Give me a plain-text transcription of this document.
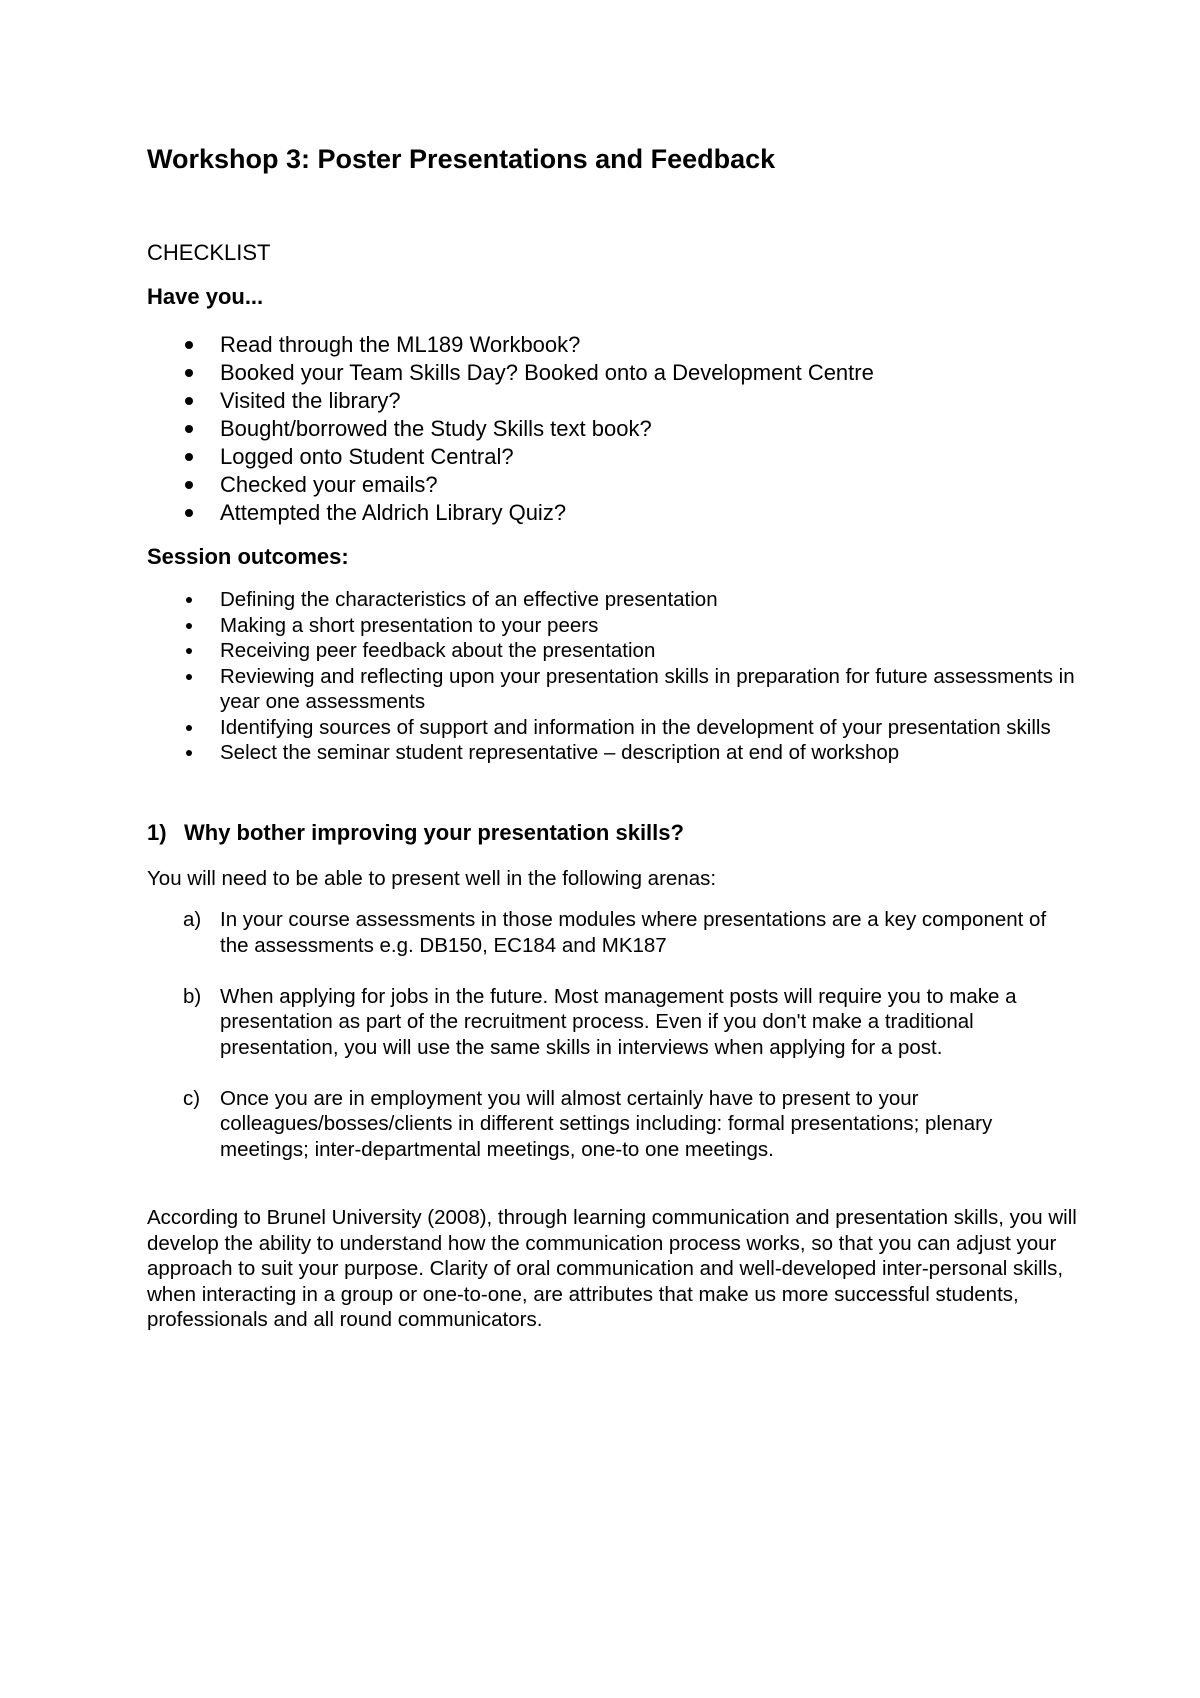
Workshop 3: Poster Presentations and Feedback

CHECKLIST

Have you...

Read through the ML189 Workbook?
Booked your Team Skills Day? Booked onto a Development Centre
Visited the library?
Bought/borrowed the Study Skills text book?
Logged onto Student Central?
Checked your emails?
Attempted the Aldrich Library Quiz?

Session outcomes:

Defining the characteristics of an effective presentation
Making a short presentation to your peers
Receiving peer feedback about the presentation
Reviewing and reflecting upon your presentation skills in preparation for future assessments in year one assessments
Identifying sources of support and information in the development of your presentation skills
Select the seminar student representative – description at end of workshop
1) Why bother improving your presentation skills?

You will need to be able to present well in the following arenas:

a) In your course assessments in those modules where presentations are a key component of the assessments e.g. DB150, EC184 and MK187
b) When applying for jobs in the future. Most management posts will require you to make a presentation as part of the recruitment process. Even if you don't make a traditional presentation, you will use the same skills in interviews when applying for a post.
c) Once you are in employment you will almost certainly have to present to your colleagues/bosses/clients in different settings including: formal presentations; plenary meetings; inter-departmental meetings, one-to one meetings.

According to Brunel University (2008), through learning communication and presentation skills, you will develop the ability to understand how the communication process works, so that you can adjust your approach to suit your purpose. Clarity of oral communication and well-developed inter-personal skills, when interacting in a group or one-to-one, are attributes that make us more successful students, professionals and all round communicators.
